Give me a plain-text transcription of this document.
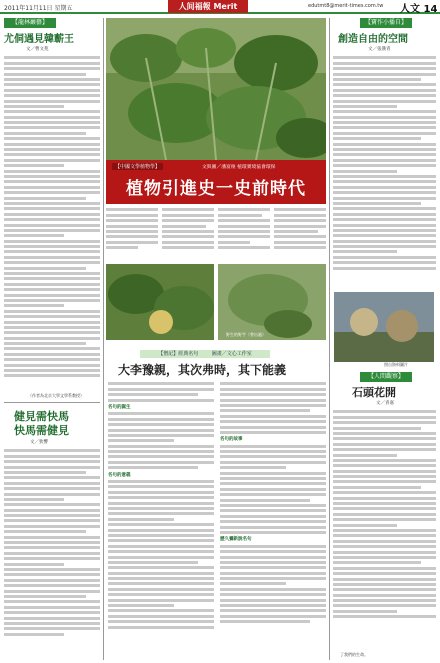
2011年11月11日 星期五	人间福報 Merit	edutmt8@merit-times.com.tw 人文 14
【龍林巖藝】
尤侗遇見韓蘄王
文／曹文苑
（作者為北京大學文學系教授）
健見需快馬
快馬需健見
文／狄響
【中國文學植物學】	文與圖／潘富俊 植環實境協會環保
植物引進史一史前時代
野生的野芋（曾出處）
【僧記】經典名句	圖畫／文心工作室
大李豫親，其次弗時，其下能義
名句的誕生
名句的意義
名句的故事
歷久彌新說名句
【寶作小播自】
創造自由的空間
文／張漢青
照自資料圖片
【人間觀察】
石頭花開
文／青嘉
了我們的生命。
